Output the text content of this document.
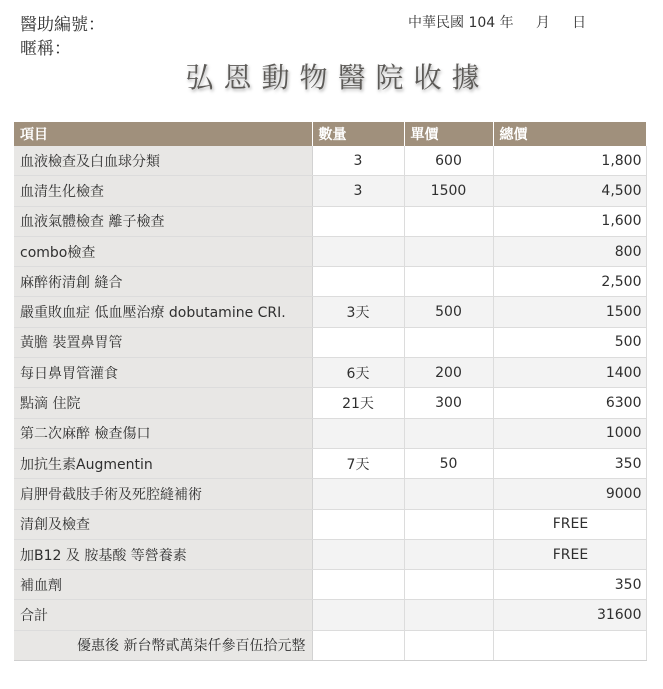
醫助編號：
暱稱：
中華民國 104 年     月     日
弘恩動物醫院收據
項目	數量	單價	總價
血液檢查及白血球分類	3	600	1,800
血清生化檢查	3	1500	4,500
血液氣體檢查 離子檢查			1,600
combo檢查			800
麻醉術清創 縫合			2,500
嚴重敗血症 低血壓治療 dobutamine CRI.	3天	500	1500
黃膽 裝置鼻胃管			500
每日鼻胃管灌食	6天	200	1400
點滴 住院	21天	300	6300
第二次麻醉 檢查傷口			1000
加抗生素Augmentin	7天	50	350
肩胛骨截肢手術及死腔縫補術			9000
清創及檢查			FREE
加B12 及 胺基酸 等營養素			FREE
補血劑			350
合計			31600
優惠後 新台幣貳萬柒仟參百伍拾元整			
